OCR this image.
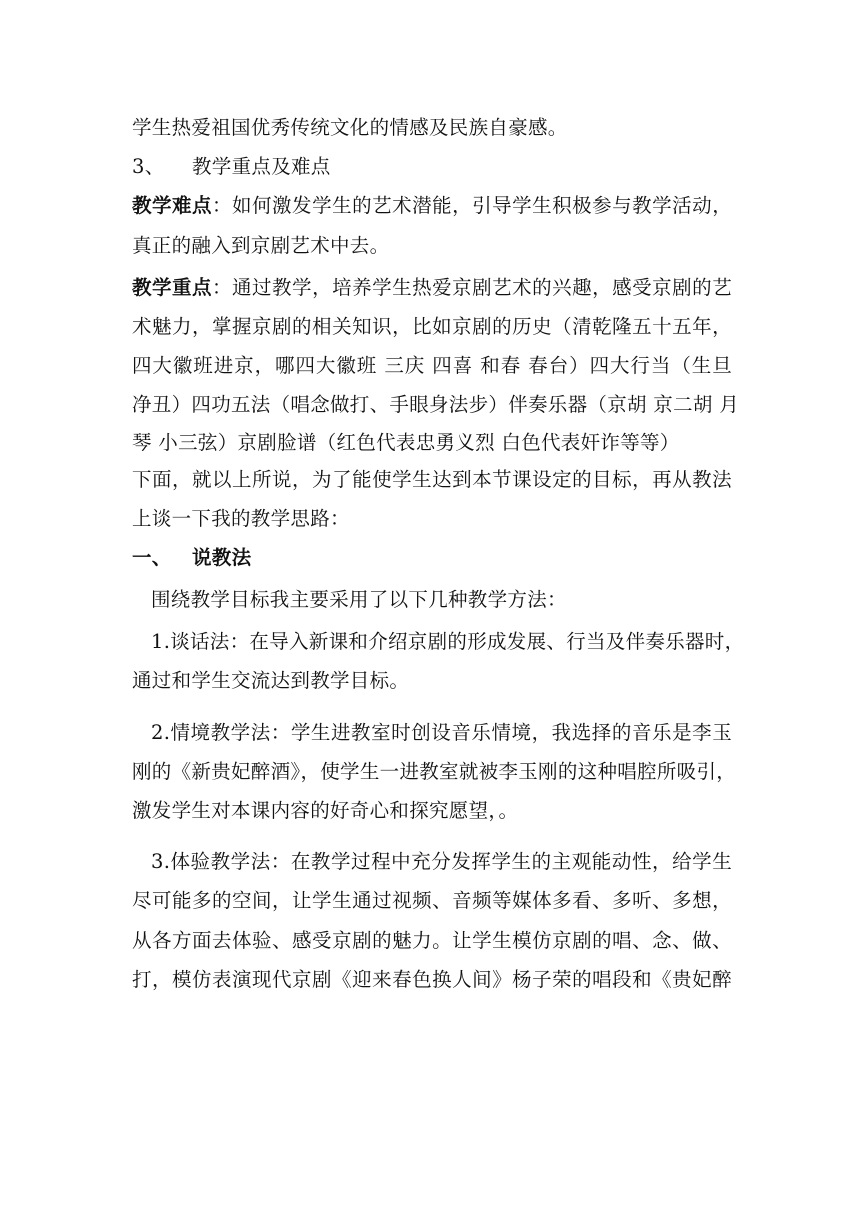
学生热爱祖国优秀传统文化的情感及民族自豪感。
3、 教学重点及难点
教学难点：如何激发学生的艺术潜能，引导学生积极参与教学活动，
真正的融入到京剧艺术中去。
教学重点：通过教学，培养学生热爱京剧艺术的兴趣，感受京剧的艺
术魅力，掌握京剧的相关知识，比如京剧的历史（清乾隆五十五年，
四大徽班进京，哪四大徽班 三庆 四喜 和春 春台）四大行当（生旦
净丑）四功五法（唱念做打、手眼身法步）伴奏乐器（京胡 京二胡 月
琴 小三弦）京剧脸谱（红色代表忠勇义烈 白色代表奸诈等等）
下面，就以上所说，为了能使学生达到本节课设定的目标，再从教法
上谈一下我的教学思路：
一、 说教法
围绕教学目标我主要采用了以下几种教学方法：
1.谈话法：在导入新课和介绍京剧的形成发展、行当及伴奏乐器时，
通过和学生交流达到教学目标。
2.情境教学法：学生进教室时创设音乐情境，我选择的音乐是李玉
刚的《新贵妃醉酒》，使学生一进教室就被李玉刚的这种唱腔所吸引，
激发学生对本课内容的好奇心和探究愿望，。
3.体验教学法：在教学过程中充分发挥学生的主观能动性，给学生
尽可能多的空间，让学生通过视频、音频等媒体多看、多听、多想，
从各方面去体验、感受京剧的魅力。让学生模仿京剧的唱、念、做、
打，模仿表演现代京剧《迎来春色换人间》杨子荣的唱段和《贵妃醉
